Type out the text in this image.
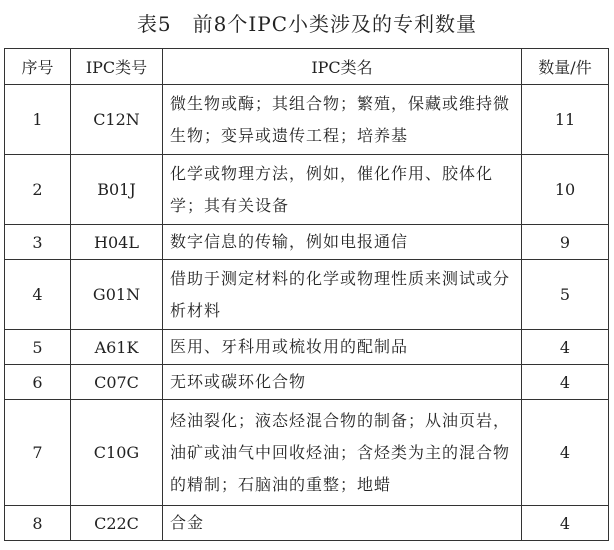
表5　前8个IPC小类涉及的专利数量
序号	IPC类号	IPC类名	数量/件
1	C12N	微生物或酶；其组合物；繁殖，保藏或维持微生物；变异或遗传工程；培养基	11
2	B01J	化学或物理方法，例如，催化作用、胶体化学；其有关设备	10
3	H04L	数字信息的传输，例如电报通信	9
4	G01N	借助于测定材料的化学或物理性质来测试或分析材料	5
5	A61K	医用、牙科用或梳妆用的配制品	4
6	C07C	无环或碳环化合物	4
7	C10G	烃油裂化；液态烃混合物的制备；从油页岩，油矿或油气中回收烃油；含烃类为主的混合物的精制；石脑油的重整；地蜡	4
8	C22C	合金	4
